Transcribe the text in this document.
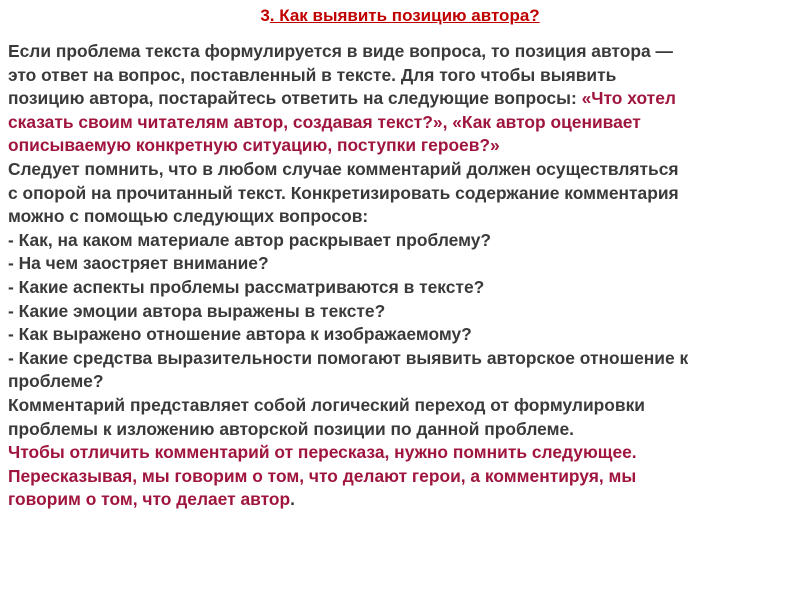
3. Как выявить позицию автора?
Если проблема текста формулируется в виде вопроса, то позиция автора —
это ответ на вопрос, поставленный в тексте. Для того чтобы выявить
позицию автора, постарайтесь ответить на следующие вопросы: «Что хотел
сказать своим читателям автор, создавая текст?», «Как автор оценивает
описываемую конкретную ситуацию, поступки героев?»
Следует помнить, что в любом случае комментарий должен осуществляться
с опорой на прочитанный текст. Конкретизировать содержание комментария
можно с помощью следующих вопросов:
- Как, на каком материале автор раскрывает проблему?
- На чем заостряет внимание?
- Какие аспекты проблемы рассматриваются в тексте?
- Какие эмоции автора выражены в тексте?
- Как выражено отношение автора к изображаемому?
- Какие средства выразительности помогают выявить авторское отношение к
проблеме?
Комментарий представляет собой логический переход от формулировки
проблемы к изложению авторской позиции по данной проблеме.
Чтобы отличить комментарий от пересказа, нужно помнить следующее.
Пересказывая, мы говорим о том, что делают герои, а комментируя, мы
говорим о том, что делает автор.
